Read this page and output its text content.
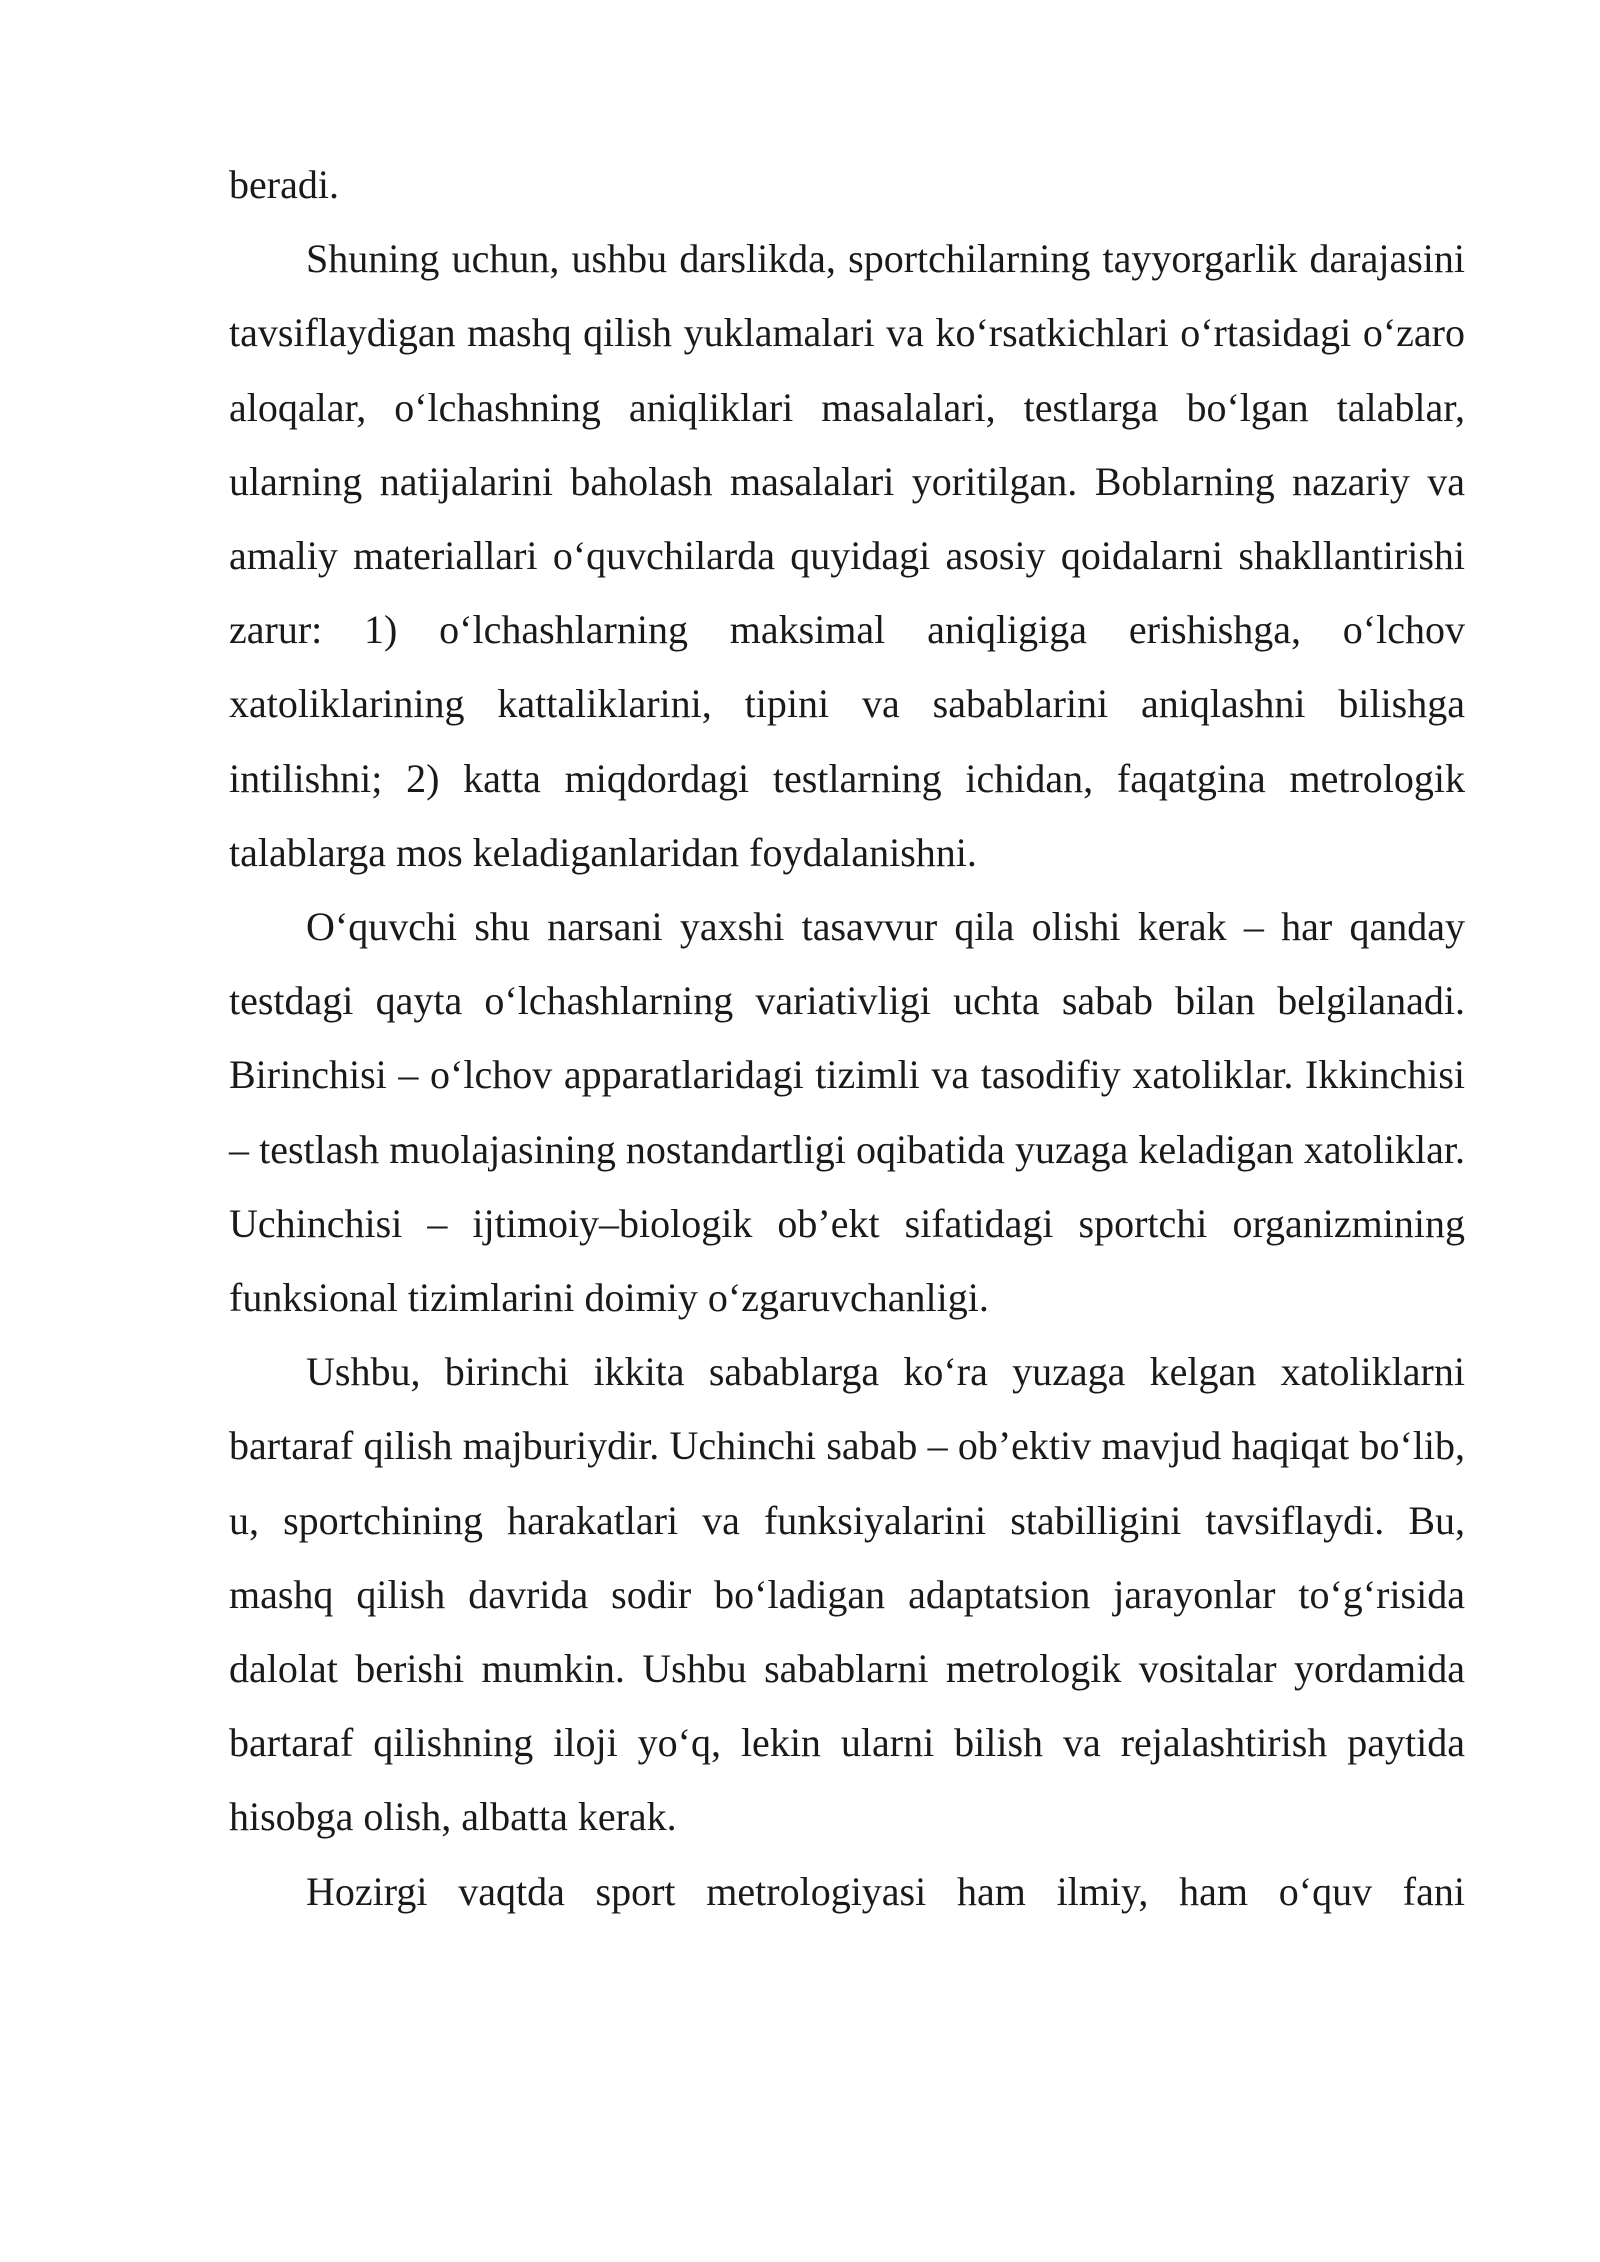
beradi.

Shuning uchun, ushbu darslikda, sportchilarning tayyorgarlik darajasini tavsiflaydigan mashq qilish yuklamalari va ko‘rsatkichlari o‘rtasidagi o‘zaro aloqalar, o‘lchashning aniqliklari masalalari, testlarga bo‘lgan talablar, ularning natijalarini baholash masalalari yoritilgan. Boblarning nazariy va amaliy materiallari o‘quvchilarda quyidagi asosiy qoidalarni shakllantirishi zarur: 1) o‘lchashlarning maksimal aniqligiga erishishga, o‘lchov xatoliklarining kattaliklarini, tipini va sabablarini aniqlashni bilishga intilishni; 2) katta miqdordagi testlarning ichidan, faqatgina metrologik talablarga mos keladiganlaridan foydalanishni.

O‘quvchi shu narsani yaxshi tasavvur qila olishi kerak – har qanday testdagi qayta o‘lchashlarning variativligi uchta sabab bilan belgilanadi. Birinchisi – o‘lchov apparatlaridagi tizimli va tasodifiy xatoliklar. Ikkinchisi – testlash muolajasining nostandartligi oqibatida yuzaga keladigan xatoliklar. Uchinchisi – ijtimoiy–biologik ob’ekt sifatidagi sportchi organizmining funksional tizimlarini doimiy o‘zgaruvchanligi.

Ushbu, birinchi ikkita sabablarga ko‘ra yuzaga kelgan xatoliklarni bartaraf qilish majburiydir. Uchinchi sabab – ob’ektiv mavjud haqiqat bo‘lib, u, sportchining harakatlari va funksiyalarini stabilligini tavsiflaydi. Bu, mashq qilish davrida sodir bo‘ladigan adaptatsion jarayonlar to‘g‘risida dalolat berishi mumkin. Ushbu sabablarni metrologik vositalar yordamida bartaraf qilishning iloji yo‘q, lekin ularni bilish va rejalashtirish paytida hisobga olish, albatta kerak.

Hozirgi vaqtda sport metrologiyasi ham ilmiy, ham o‘quv fani
